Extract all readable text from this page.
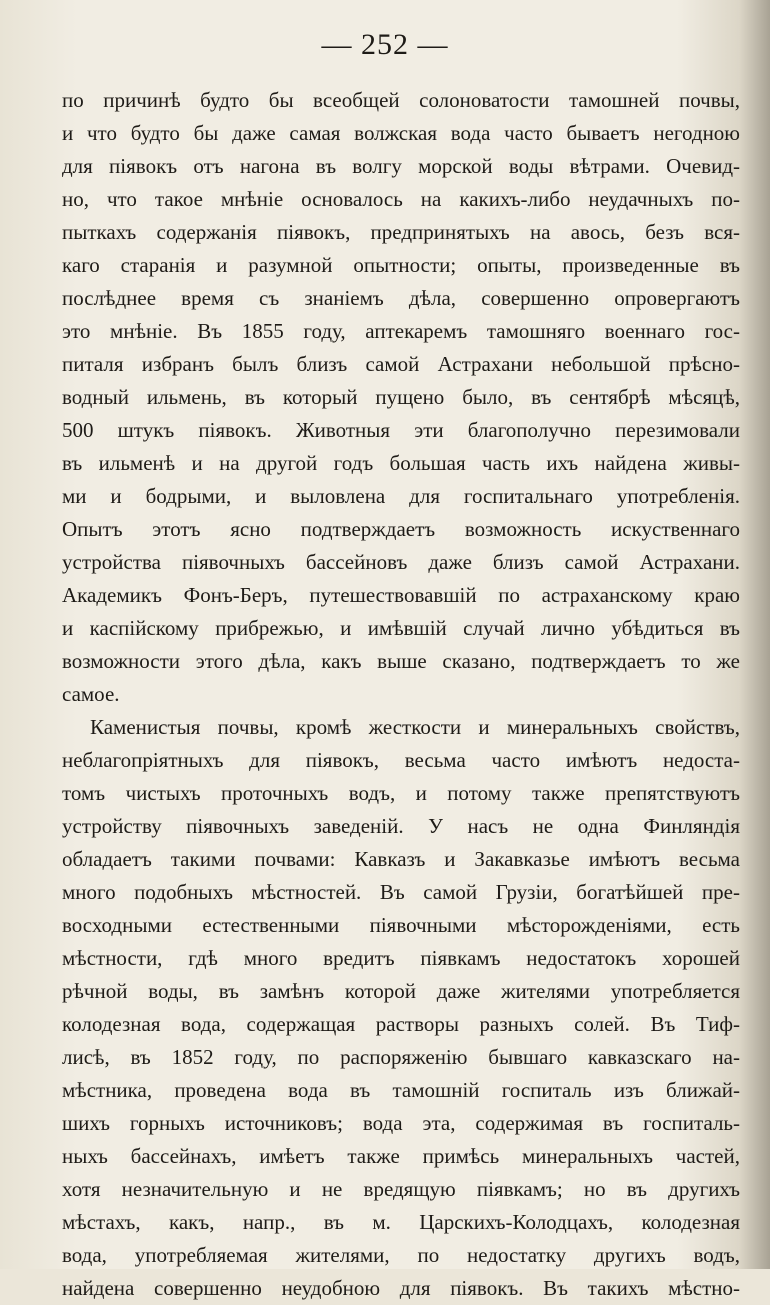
— 252 —
по причинѣ будто бы всеобщей солоноватости тамошней почвы,
и что будто бы даже самая волжская вода часто бываетъ негодною
для піявокъ отъ нагона въ волгу морской воды вѣтрами. Очевид-
но, что такое мнѣніе основалось на какихъ-либо неудачныхъ по-
пыткахъ содержанія піявокъ, предпринятыхъ на авось, безъ вся-
каго старанія и разумной опытности; опыты, произведенные въ
послѣднее время съ знаніемъ дѣла, совершенно опровергаютъ
это мнѣніе. Въ 1855 году, аптекаремъ тамошняго военнаго гос-
питаля избранъ былъ близъ самой Астрахани небольшой прѣсно-
водный ильмень, въ который пущено было, въ сентябрѣ мѣсяцѣ,
500 штукъ піявокъ. Животныя эти благополучно перезимовали
въ ильменѣ и на другой годъ большая часть ихъ найдена живы-
ми и бодрыми, и выловлена для госпитальнаго употребленія.
Опытъ этотъ ясно подтверждаетъ возможность искуственнаго
устройства піявочныхъ бассейновъ даже близъ самой Астрахани.
Академикъ Фонъ-Беръ, путешествовавшій по астраханскому краю
и каспійскому прибрежью, и имѣвшій случай лично убѣдиться въ
возможности этого дѣла, какъ выше сказано, подтверждаетъ то же
самое.
Каменистыя почвы, кромѣ жесткости и минеральныхъ свойствъ,
неблагопріятныхъ для піявокъ, весьма часто имѣютъ недоста-
томъ чистыхъ проточныхъ водъ, и потому также препятствуютъ
устройству піявочныхъ заведеній. У насъ не одна Финляндія
обладаетъ такими почвами: Кавказъ и Закавказье имѣютъ весьма
много подобныхъ мѣстностей. Въ самой Грузіи, богатѣйшей пре-
восходными естественными піявочными мѣсторожденіями, есть
мѣстности, гдѣ много вредитъ піявкамъ недостатокъ хорошей
рѣчной воды, въ замѣнъ которой даже жителями употребляется
колодезная вода, содержащая растворы разныхъ солей. Въ Тиф-
лисѣ, въ 1852 году, по распоряженію бывшаго кавказскаго на-
мѣстника, проведена вода въ тамошній госпиталь изъ ближай-
шихъ горныхъ источниковъ; вода эта, содержимая въ госпиталь-
ныхъ бассейнахъ, имѣетъ также примѣсь минеральныхъ частей,
хотя незначительную и не вредящую піявкамъ; но въ другихъ
мѣстахъ, какъ, напр., въ м. Царскихъ-Колодцахъ, колодезная
вода, употребляемая жителями, по недостатку другихъ водъ,
найдена совершенно неудобною для піявокъ. Въ такихъ мѣстно-
